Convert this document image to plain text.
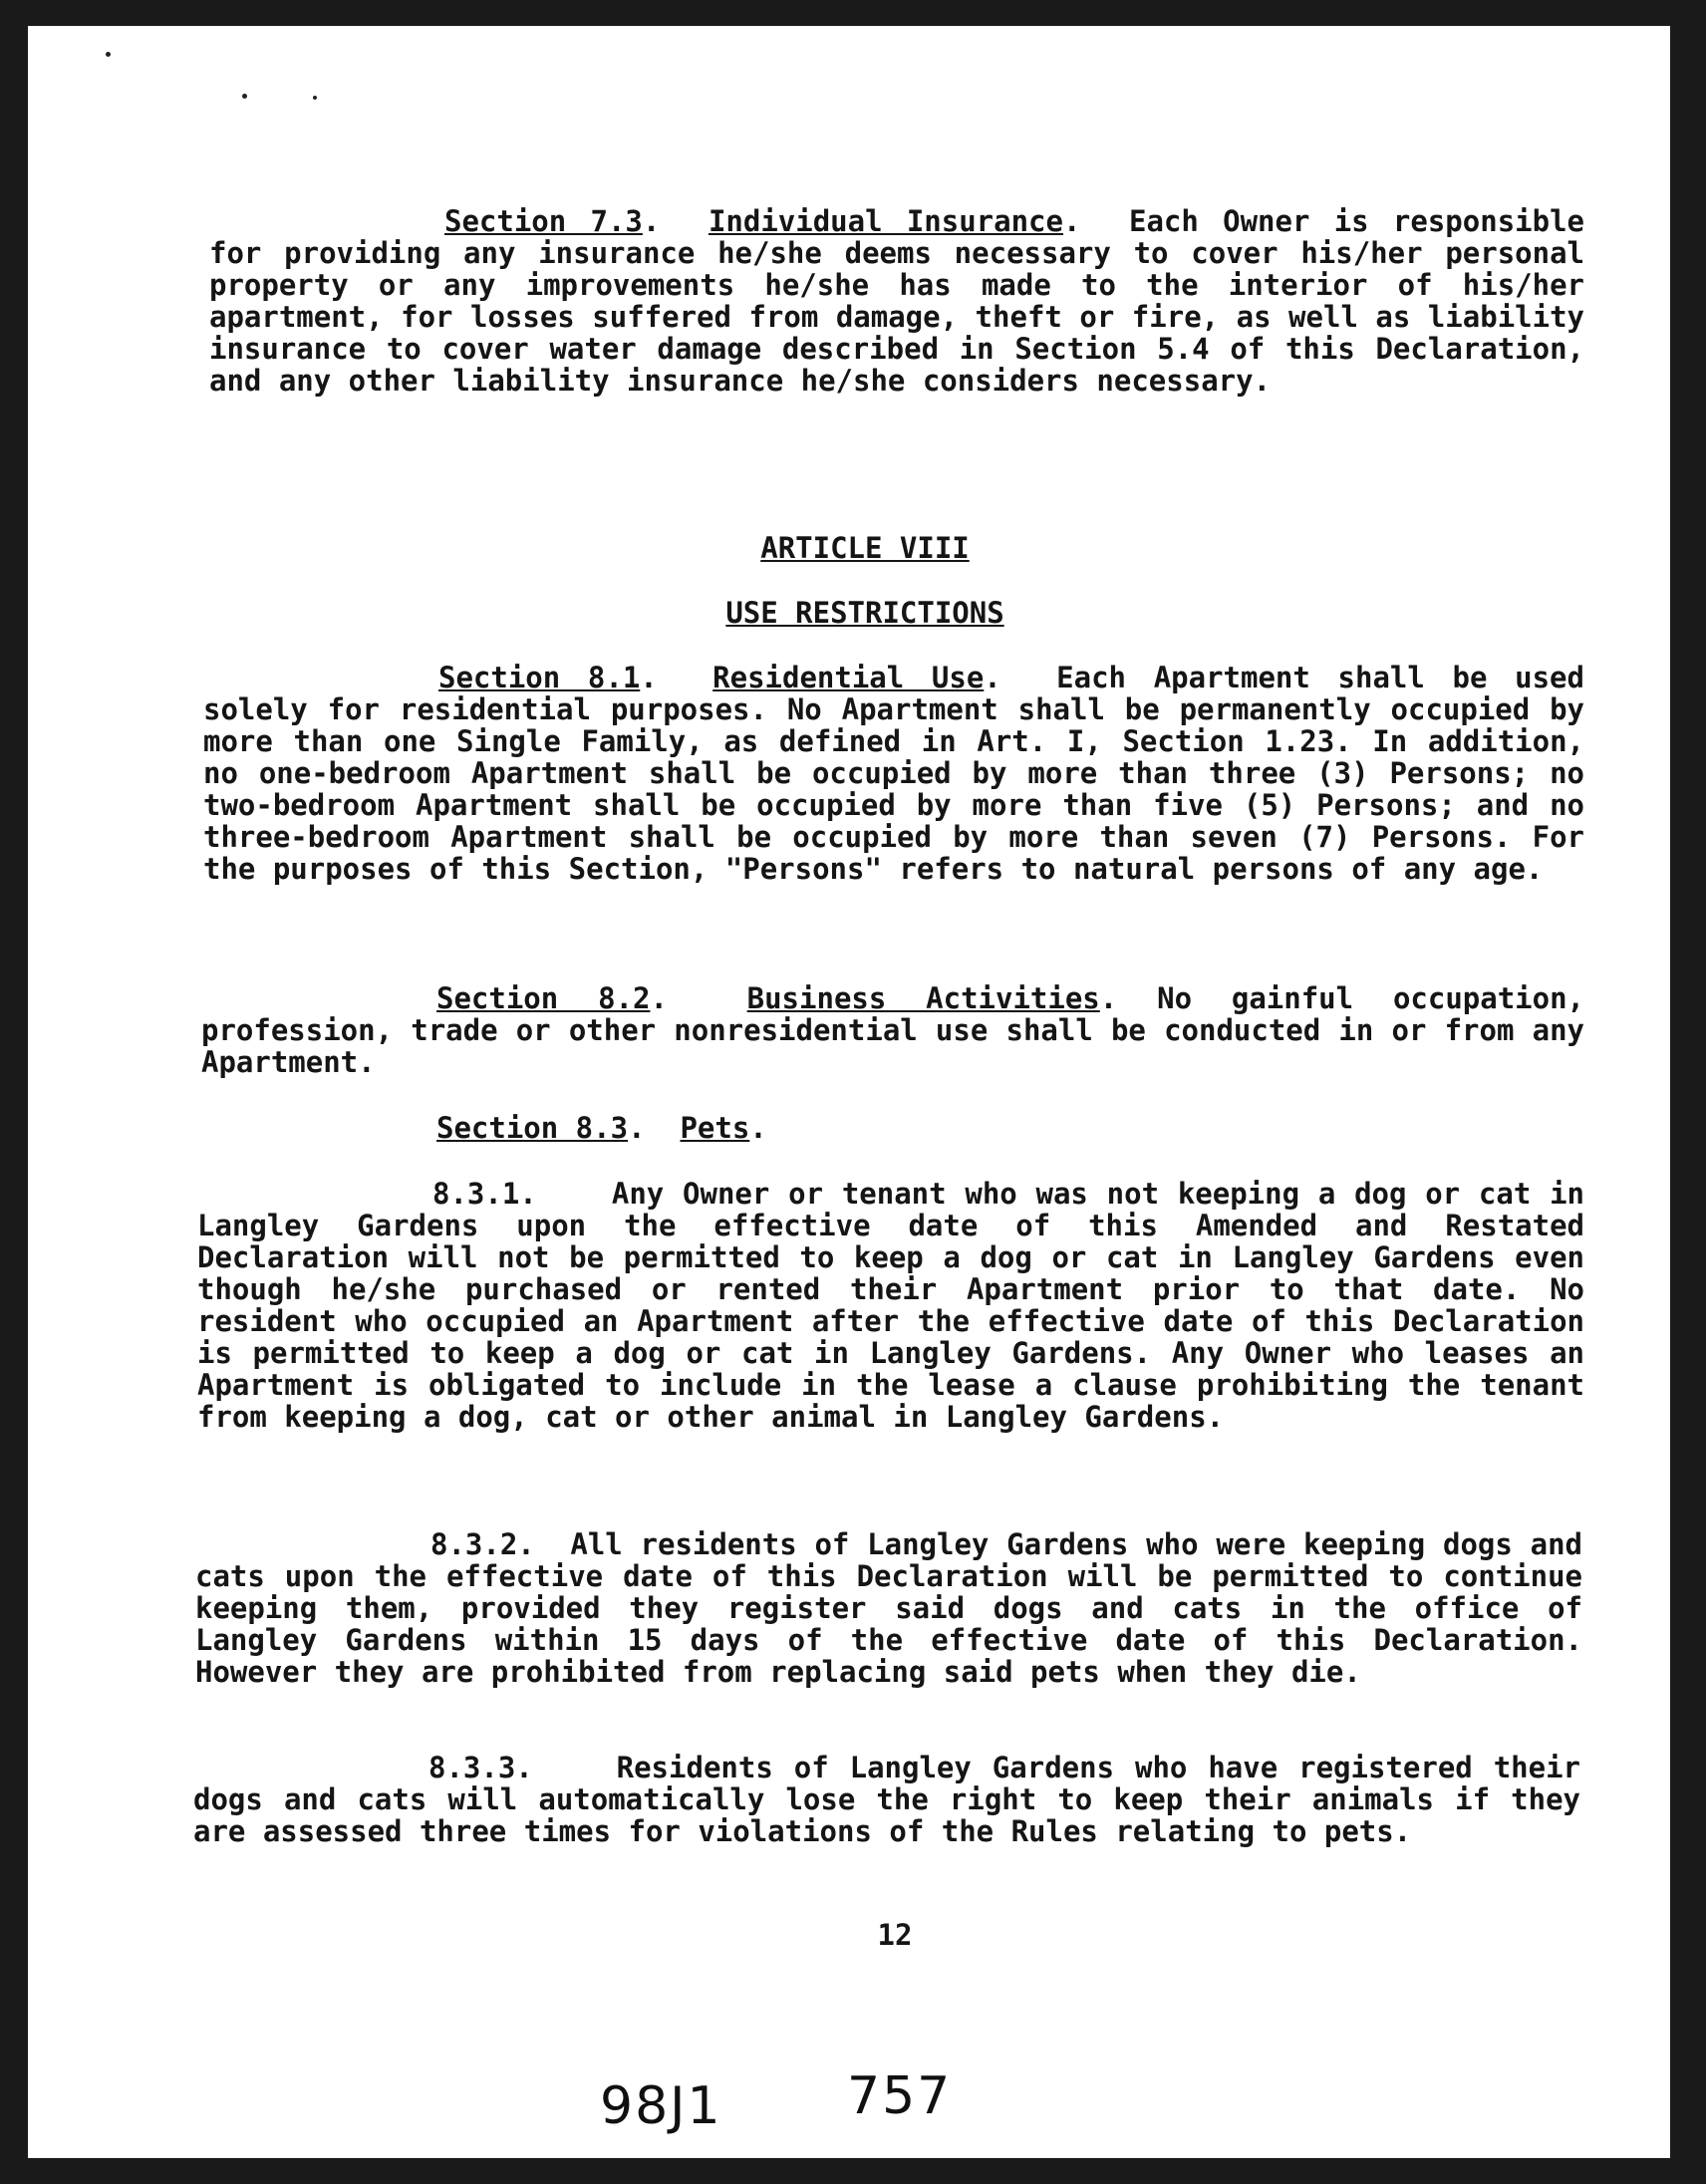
Section 7.3.  Individual Insurance.  Each Owner is responsible for providing any insurance he/she deems necessary to cover his/her personal property or any improvements he/she has made to the interior of his/her apartment, for losses suffered from damage, theft or fire, as well as liability insurance to cover water damage described in Section 5.4 of this Declaration, and any other liability insurance he/she considers necessary.
ARTICLE VIII
USE RESTRICTIONS
Section 8.1.  Residential Use.  Each Apartment shall be used solely for residential purposes. No Apartment shall be permanently occupied by more than one Single Family, as defined in Art. I, Section 1.23. In addition, no one-bedroom Apartment shall be occupied by more than three (3) Persons; no two-bedroom Apartment shall be occupied by more than five (5) Persons; and no three-bedroom Apartment shall be occupied by more than seven (7) Persons. For the purposes of this Section, "Persons" refers to natural persons of any age.
Section 8.2.  Business Activities. No gainful occupation, profession, trade or other nonresidential use shall be conducted in or from any Apartment.
Section 8.3.  Pets.
8.3.1.	Any Owner or tenant who was not keeping a dog or cat in Langley Gardens upon the effective date of this Amended and Restated Declaration will not be permitted to keep a dog or cat in Langley Gardens even though he/she purchased or rented their Apartment prior to that date. No resident who occupied an Apartment after the effective date of this Declaration is permitted to keep a dog or cat in Langley Gardens. Any Owner who leases an Apartment is obligated to include in the lease a clause prohibiting the tenant from keeping a dog, cat or other animal in Langley Gardens.
8.3.2. All residents of Langley Gardens who were keeping dogs and cats upon the effective date of this Declaration will be permitted to continue keeping them, provided they register said dogs and cats in the office of Langley Gardens within 15 days of the effective date of this Declaration. However they are prohibited from replacing said pets when they die.
8.3.3.	Residents of Langley Gardens who have registered their dogs and cats will automatically lose the right to keep their animals if they are assessed three times for violations of the Rules relating to pets.
12
98J1 757
